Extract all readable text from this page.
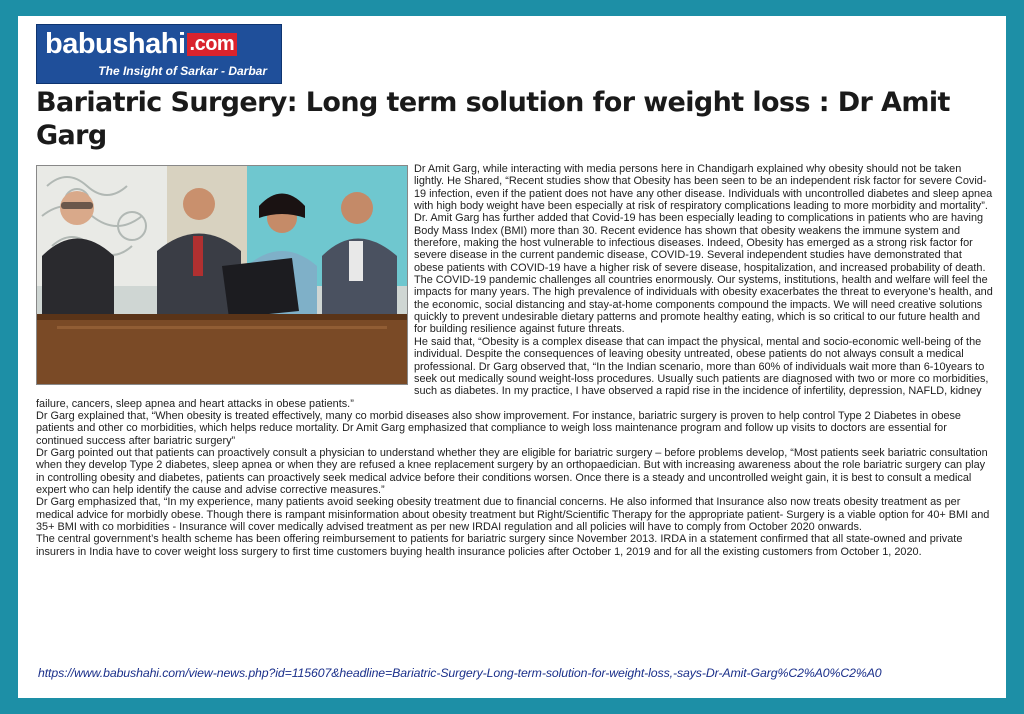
babushahi .com
The Insight of Sarkar - Darbar
Bariatric Surgery: Long term solution for weight loss : Dr Amit Garg

Dr Amit Garg, while interacting with media persons here in Chandigarh explained why obesity should not be taken lightly. He Shared, “Recent studies show that Obesity has been seen to be an independent risk factor for severe Covid-19 infection, even if the patient does not have any other disease. Individuals with uncontrolled diabetes and sleep apnea with high body weight have been especially at risk of respiratory complications leading to more morbidity and mortality”. Dr. Amit Garg has further added that Covid-19 has been especially leading to complications in patients who are having Body Mass Index (BMI) more than 30. Recent evidence has shown that obesity weakens the immune system and therefore, making the host vulnerable to infectious diseases. Indeed, Obesity has emerged as a strong risk factor for severe disease in the current pandemic disease, COVID-19. Several independent studies have demonstrated that obese patients with COVID-19 have a higher risk of severe disease, hospitalization, and increased probability of death.

The COVID-19 pandemic challenges all countries enormously. Our systems, institutions, health and welfare will feel the impacts for many years. The high prevalence of individuals with obesity exacerbates the threat to everyone's health, and the economic, social distancing and stay-at-home components compound the impacts. We will need creative solutions quickly to prevent undesirable dietary patterns and promote healthy eating, which is so critical to our future health and for building resilience against future threats.

He said that, “Obesity is a complex disease that can impact the physical, mental and socio-economic well-being of the individual. Despite the consequences of leaving obesity untreated, obese patients do not always consult a medical professional. Dr Garg observed that, “In the Indian scenario, more than 60% of individuals wait more than 6-10years to seek out medically sound weight-loss procedures. Usually such patients are diagnosed with two or more co morbidities, such as diabetes. In my practice, I have observed a rapid rise in the incidence of infertility, depression, NAFLD, kidney failure, cancers, sleep apnea and heart attacks in obese patients.”

Dr Garg explained that, “When obesity is treated effectively, many co morbid diseases also show improvement. For instance, bariatric surgery is proven to help control Type 2 Diabetes in obese patients and other co morbidities, which helps reduce mortality. Dr Amit Garg emphasized that compliance to weigh loss maintenance program and follow up visits to doctors are essential for continued success after bariatric surgery”

Dr Garg pointed out that patients can proactively consult a physician to understand whether they are eligible for bariatric surgery – before problems develop, “Most patients seek bariatric consultation when they develop Type 2 diabetes, sleep apnea or when they are refused a knee replacement surgery by an orthopaedician. But with increasing awareness about the role bariatric surgery can play in controlling obesity and diabetes, patients can proactively seek medical advice before their conditions worsen. Once there is a steady and uncontrolled weight gain, it is best to consult a medical expert who can help identify the cause and advise corrective measures.”

Dr Garg emphasized that, “In my experience, many patients avoid seeking obesity treatment due to financial concerns. He also informed that Insurance also now treats obesity treatment as per medical advice for morbidly obese. Though there is rampant misinformation about obesity treatment but Right/Scientific Therapy for the appropriate patient- Surgery is a viable option for 40+ BMI and 35+ BMI with co morbidities - Insurance will cover medically advised treatment as per new IRDAI regulation and all policies will have to comply from October 2020 onwards.

The central government’s health scheme has been offering reimbursement to patients for bariatric surgery since November 2013. IRDA in a statement confirmed that all state-owned and private insurers in India have to cover weight loss surgery to first time customers buying health insurance policies after October 1, 2019 and for all the existing customers from October 1, 2020.

https://www.babushahi.com/view-news.php?id=115607&headline=Bariatric-Surgery-Long-term-solution-for-weight-loss,-says-Dr-Amit-Garg%C2%A0%C2%A0
